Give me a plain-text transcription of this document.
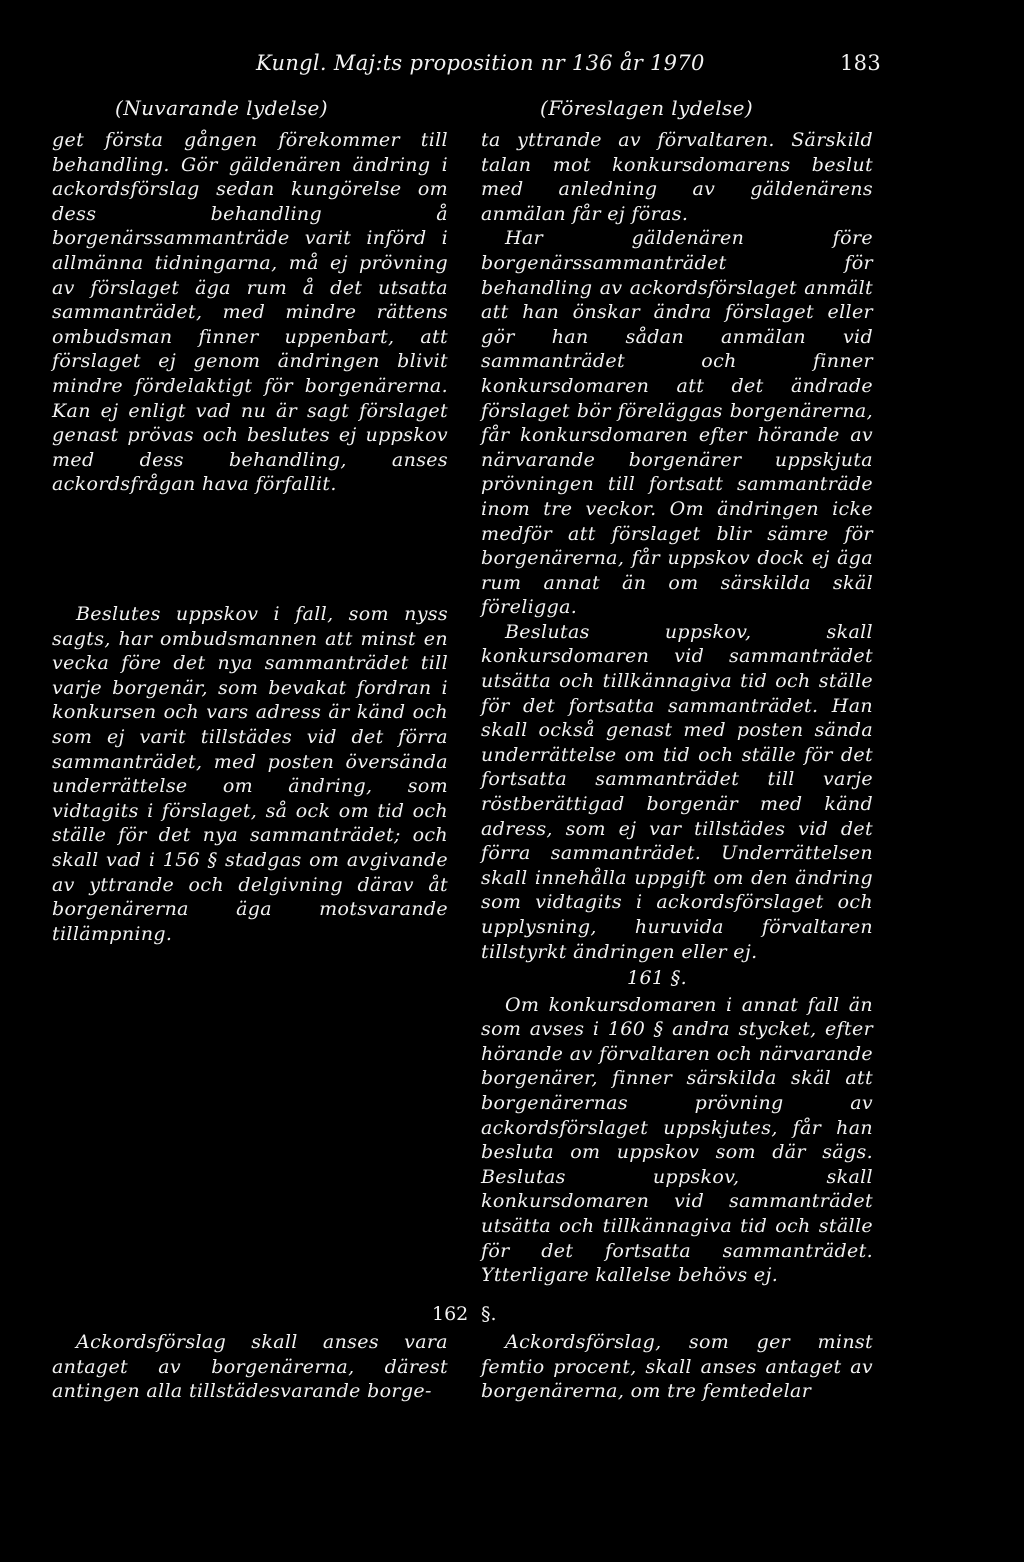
Kungl. Maj:ts proposition nr 136 år 1970	183
(Nuvarande lydelse)	(Föreslagen lydelse)

get första gången förekommer till behandling. Gör gäldenären ändring i ackordsförslag sedan kungörelse om dess behandling å borgenärssammanträde varit införd i allmänna tidningarna, må ej prövning av förslaget äga rum å det utsatta sammanträdet, med mindre rättens ombudsman finner uppenbart, att förslaget ej genom ändringen blivit mindre fördelaktigt för borgenärerna. Kan ej enligt vad nu är sagt förslaget genast prövas och beslutes ej uppskov med dess behandling, anses ackordsfrågan hava förfallit.

Beslutes uppskov i fall, som nyss sagts, har ombudsmannen att minst en vecka före det nya sammanträdet till varje borgenär, som bevakat fordran i konkursen och vars adress är känd och som ej varit tillstädes vid det förra sammanträdet, med posten översända underrättelse om ändring, som vidtagits i förslaget, så ock om tid och ställe för det nya sammanträdet; och skall vad i 156 § stadgas om avgivande av yttrande och delgivning därav åt borgenärerna äga motsvarande tillämpning.

Ackordsförslag skall anses vara antaget av borgenärerna, därest antingen alla tillstädesvarande borge-

ta yttrande av förvaltaren. Särskild talan mot konkursdomarens beslut med anledning av gäldenärens anmälan får ej föras.

Har gäldenären före borgenärssammanträdet för behandling av ackordsförslaget anmält att han önskar ändra förslaget eller gör han sådan anmälan vid sammanträdet och finner konkursdomaren att det ändrade förslaget bör föreläggas borgenärerna, får konkursdomaren efter hörande av närvarande borgenärer uppskjuta prövningen till fortsatt sammanträde inom tre veckor. Om ändringen icke medför att förslaget blir sämre för borgenärerna, får uppskov dock ej äga rum annat än om särskilda skäl föreligga.

Beslutas uppskov, skall konkursdomaren vid sammanträdet utsätta och tillkännagiva tid och ställe för det fortsatta sammanträdet. Han skall också genast med posten sända underrättelse om tid och ställe för det fortsatta sammanträdet till varje röstberättigad borgenär med känd adress, som ej var tillstädes vid det förra sammanträdet. Underrättelsen skall innehålla uppgift om den ändring som vidtagits i ackordsförslaget och upplysning, huruvida förvaltaren tillstyrkt ändringen eller ej.

161 §.

Om konkursdomaren i annat fall än som avses i 160 § andra stycket, efter hörande av förvaltaren och närvarande borgenärer, finner särskilda skäl att borgenärernas prövning av ackordsförslaget uppskjutes, får han besluta om uppskov som där sägs. Beslutas uppskov, skall konkursdomaren vid sammanträdet utsätta och tillkännagiva tid och ställe för det fortsatta sammanträdet. Ytterligare kallelse behövs ej.

162 §.

Ackordsförslag, som ger minst femtio procent, skall anses antaget av borgenärerna, om tre femtedelar
